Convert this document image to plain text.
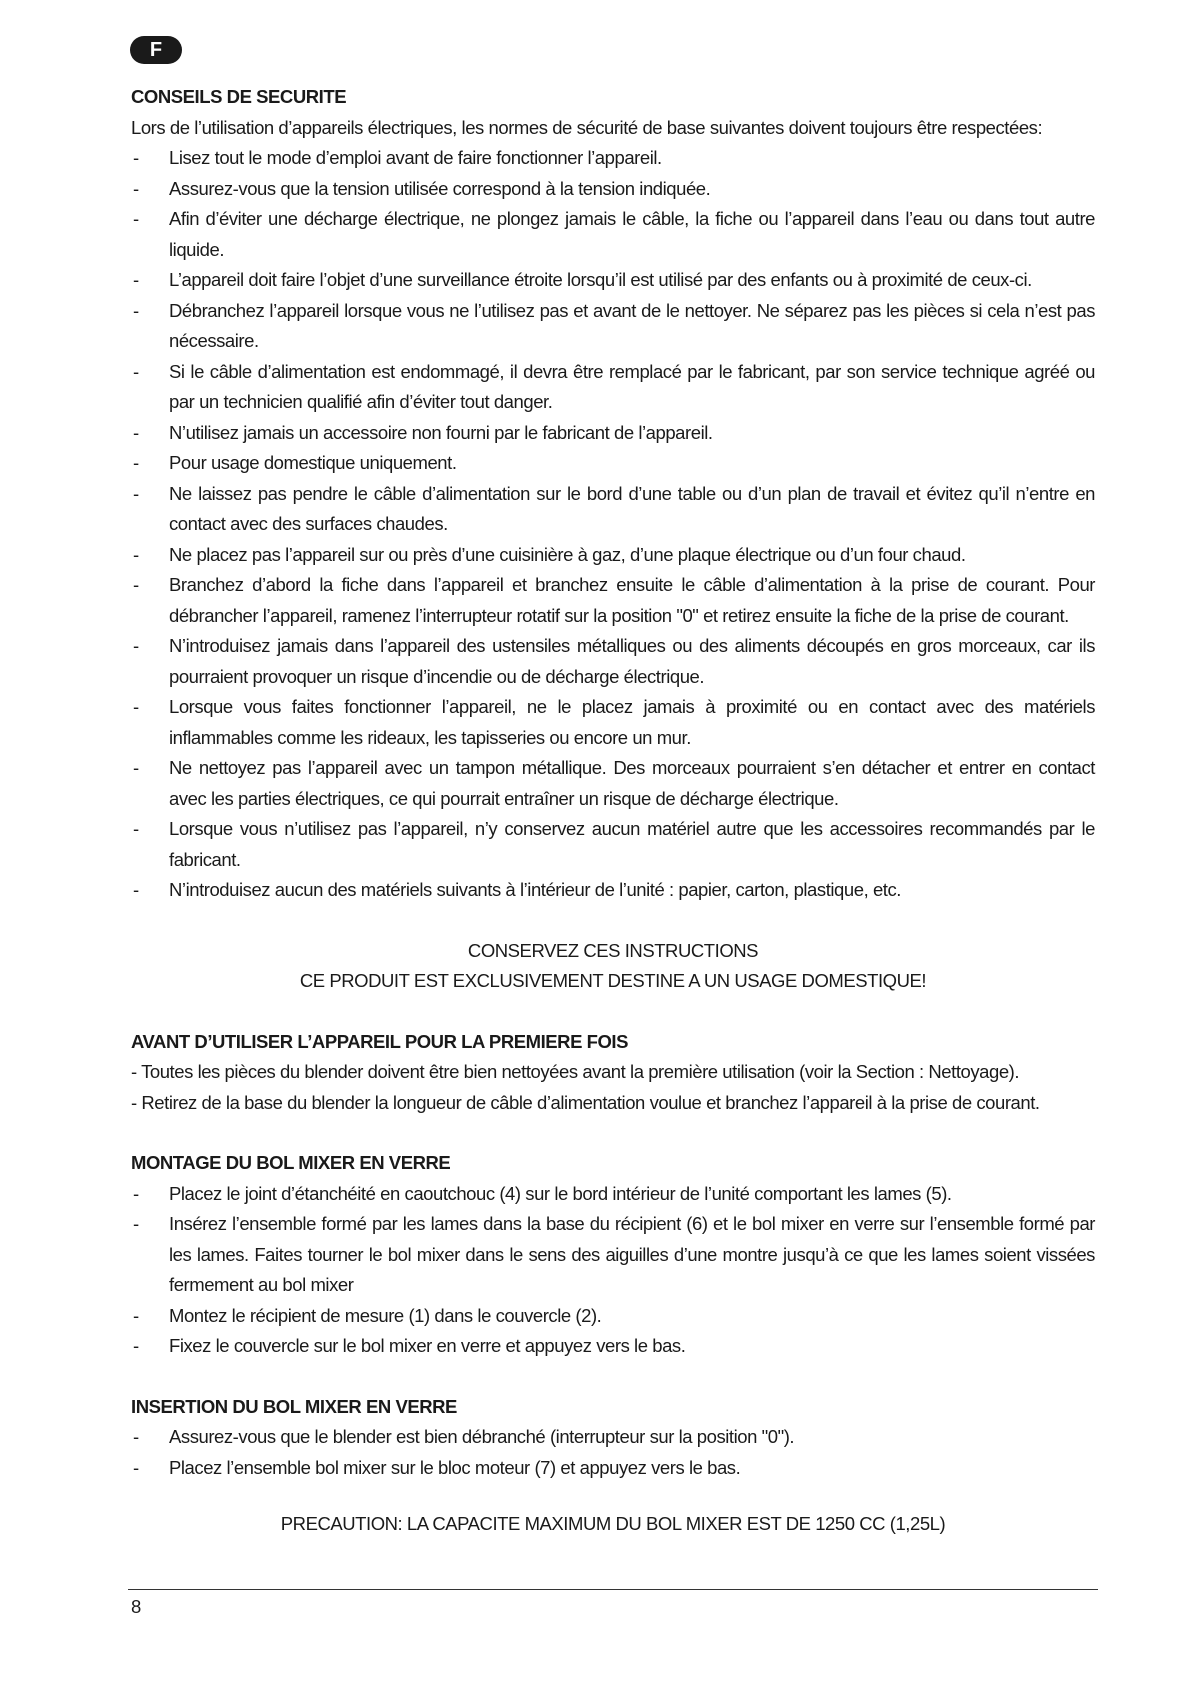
F
CONSEILS DE SECURITE

Lors de l’utilisation d’appareils électriques, les normes de sécurité de base suivantes doivent toujours être respectées:

- Lisez tout le mode d’emploi avant de faire fonctionner l’appareil.
- Assurez-vous que la tension utilisée correspond à la tension indiquée.
- Afin d’éviter une décharge électrique, ne plongez jamais le câble, la fiche ou l’appareil dans l’eau ou dans tout autre liquide.
- L’appareil doit faire l’objet d’une surveillance étroite lorsqu’il est utilisé par des enfants ou à proximité de ceux-ci.
- Débranchez l’appareil lorsque vous ne l’utilisez pas et avant de le nettoyer. Ne séparez pas les pièces si cela n’est pas nécessaire.
- Si le câble d’alimentation est endommagé, il devra être remplacé par le fabricant, par son service technique agréé ou par un technicien qualifié afin d’éviter tout danger.
- N’utilisez jamais un accessoire non fourni par le fabricant de l’appareil.
- Pour usage domestique uniquement.
- Ne laissez pas pendre le câble d’alimentation sur le bord d’une table ou d’un plan de travail et évitez qu’il n’entre en contact avec des surfaces chaudes.
- Ne placez pas l’appareil sur ou près d’une cuisinière à gaz, d’une plaque électrique ou d’un four chaud.
- Branchez d’abord la fiche dans l’appareil et branchez ensuite le câble d’alimentation à la prise de courant. Pour débrancher l’appareil, ramenez l’interrupteur rotatif sur la position "0" et retirez ensuite la fiche de la prise de courant.
- N’introduisez jamais dans l’appareil des ustensiles métalliques ou des aliments découpés en gros morceaux, car ils pourraient provoquer un risque d’incendie ou de décharge électrique.
- Lorsque vous faites fonctionner l’appareil, ne le placez jamais à proximité ou en contact avec des matériels inflammables comme les rideaux, les tapisseries ou encore un mur.
- Ne nettoyez pas l’appareil avec un tampon métallique. Des morceaux pourraient s’en détacher et entrer en contact avec les parties électriques, ce qui pourrait entraîner un risque de décharge électrique.
- Lorsque vous n’utilisez pas l’appareil, n’y conservez aucun matériel autre que les accessoires recommandés par le fabricant.
- N’introduisez aucun des matériels suivants à l’intérieur de l’unité : papier, carton, plastique, etc.
CONSERVEZ CES INSTRUCTIONS
CE PRODUIT EST EXCLUSIVEMENT DESTINE A UN USAGE DOMESTIQUE!
AVANT D’UTILISER L’APPAREIL POUR LA PREMIERE FOIS

- Toutes les pièces du blender doivent être bien nettoyées avant la première utilisation (voir la Section : Nettoyage).

- Retirez de la base du blender la longueur de câble d’alimentation voulue et branchez l’appareil à la prise de courant.

MONTAGE DU BOL MIXER EN VERRE
- Placez le joint d’étanchéité en caoutchouc (4) sur le bord intérieur de l’unité comportant les lames (5).
- Insérez l’ensemble formé par les lames dans la base du récipient (6) et le bol mixer en verre sur l’ensemble formé par les lames. Faites tourner le bol mixer dans le sens des aiguilles d’une montre jusqu’à ce que les lames soient vissées fermement au bol mixer
- Montez le récipient de mesure (1) dans le couvercle (2).
- Fixez le couvercle sur le bol mixer en verre et appuyez vers le bas.
INSERTION DU BOL MIXER EN VERRE
- Assurez-vous que le blender est bien débranché (interrupteur sur la position "0").
- Placez l’ensemble bol mixer sur le bloc moteur (7) et appuyez vers le bas.
PRECAUTION: LA CAPACITE MAXIMUM DU BOL MIXER EST DE 1250 CC (1,25L)
8
